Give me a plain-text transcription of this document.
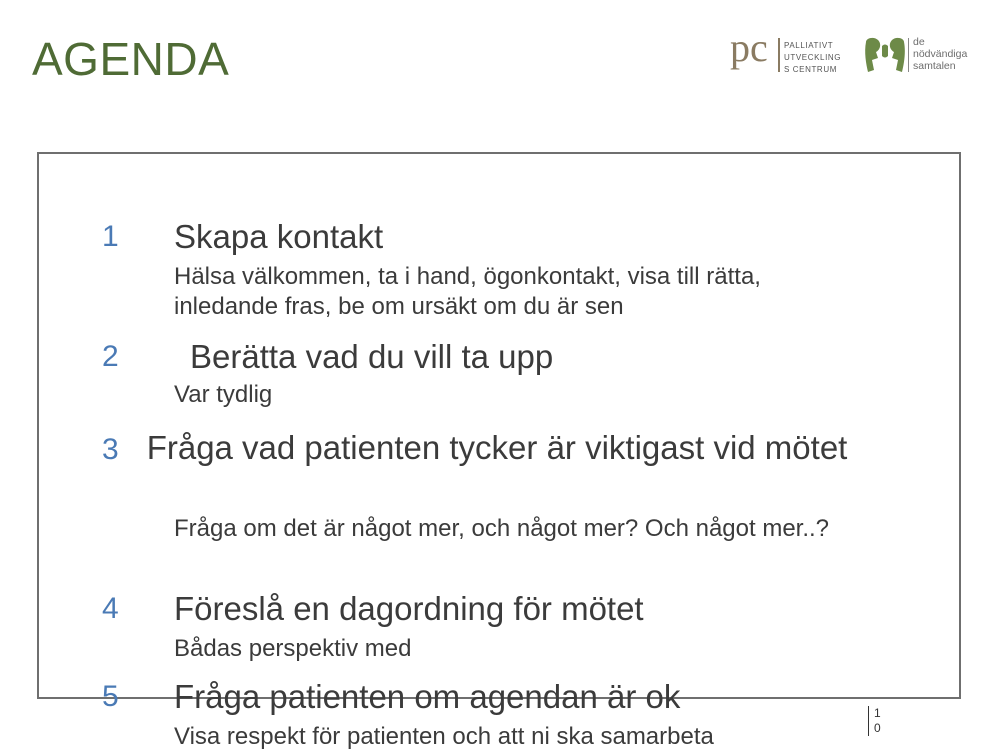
AGENDA	pc PALLIATIVT
UTVECKLING
S CENTRUM
de
nödvändiga
samtalen
1 Skapa kontakt
Hälsa välkommen, ta i hand, ögonkontakt, visa till rätta, inledande fras, be om ursäkt om du är sen
2 Berätta vad du vill ta upp
Var tydlig
3 Fråga vad patienten tycker är viktigast vid mötet
Fråga om det är något mer, och något mer? Och något mer..?
4 Föreslå en dagordning för mötet
Bådas perspektiv med
5 Fråga patienten om agendan är ok
Visa respekt för patienten och att ni ska samarbeta
10
